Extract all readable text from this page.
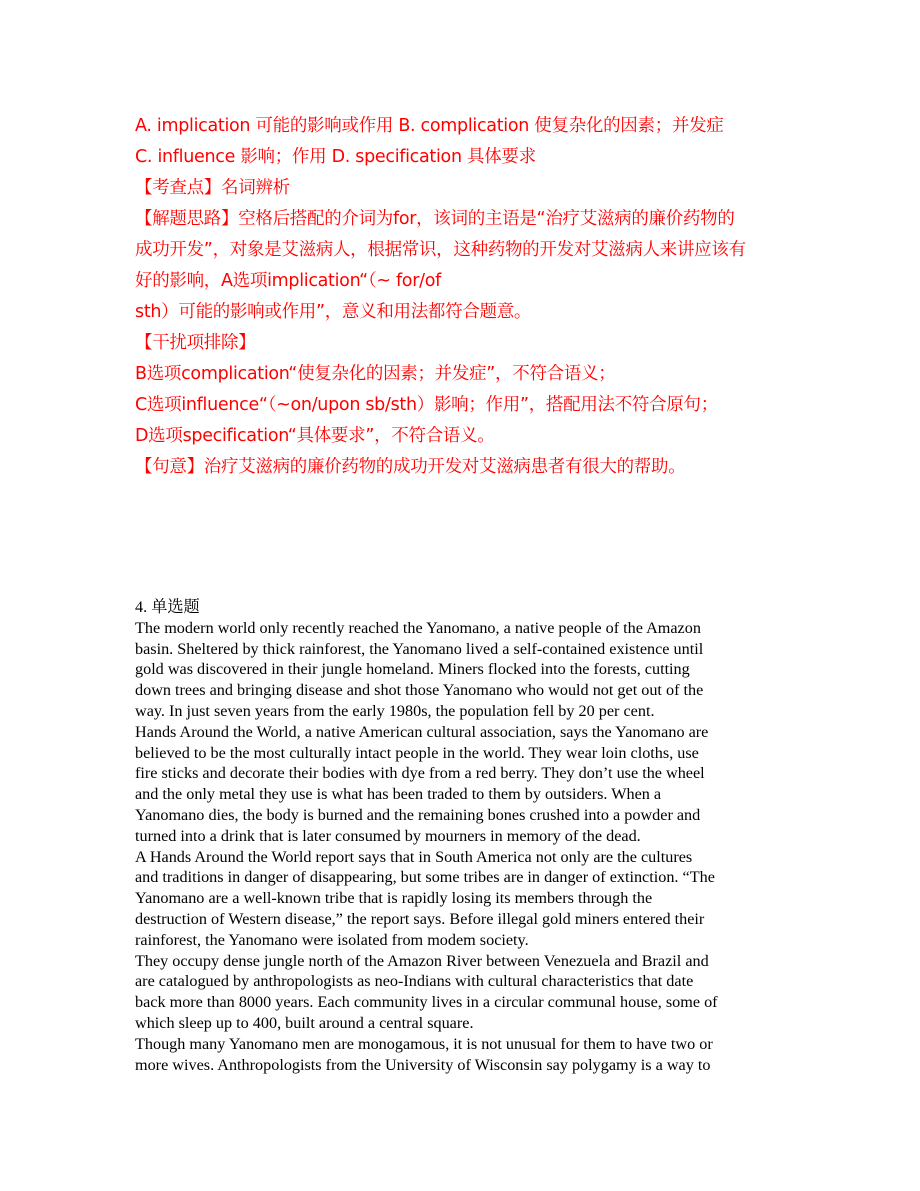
A. implication 可能的影响或作用 B. complication 使复杂化的因素；并发症
C. influence 影响；作用 D. specification 具体要求
【考查点】名词辨析
【解题思路】空格后搭配的介词为for，该词的主语是“治疗艾滋病的廉价药物的
成功开发”，对象是艾滋病人，根据常识，这种药物的开发对艾滋病人来讲应该有
好的影响，A选项implication“（~ for/of
sth）可能的影响或作用”，意义和用法都符合题意。
【干扰项排除】
B选项complication“使复杂化的因素；并发症”，不符合语义；
C选项influence“（~on/upon sb/sth）影响；作用”，搭配用法不符合原句；
D选项specification“具体要求”，不符合语义。
【句意】治疗艾滋病的廉价药物的成功开发对艾滋病患者有很大的帮助。
4. 单选题
The modern world only recently reached the Yanomano, a native people of the Amazon
basin. Sheltered by thick rainforest, the Yanomano lived a self-contained existence until
gold was discovered in their jungle homeland. Miners flocked into the forests, cutting
down trees and bringing disease and shot those Yanomano who would not get out of the
way. In just seven years from the early 1980s, the population fell by 20 per cent.
Hands Around the World, a native American cultural association, says the Yanomano are
believed to be the most culturally intact people in the world. They wear loin cloths, use
fire sticks and decorate their bodies with dye from a red berry. They don’t use the wheel
and the only metal they use is what has been traded to them by outsiders. When a
Yanomano dies, the body is burned and the remaining bones crushed into a powder and
turned into a drink that is later consumed by mourners in memory of the dead.
A Hands Around the World report says that in South America not only are the cultures
and traditions in danger of disappearing, but some tribes are in danger of extinction. “The
Yanomano are a well-known tribe that is rapidly losing its members through the
destruction of Western disease,” the report says. Before illegal gold miners entered their
rainforest, the Yanomano were isolated from modem society.
They occupy dense jungle north of the Amazon River between Venezuela and Brazil and
are catalogued by anthropologists as neo-Indians with cultural characteristics that date
back more than 8000 years. Each community lives in a circular communal house, some of
which sleep up to 400, built around a central square.
Though many Yanomano men are monogamous, it is not unusual for them to have two or
more wives. Anthropologists from the University of Wisconsin say polygamy is a way to
